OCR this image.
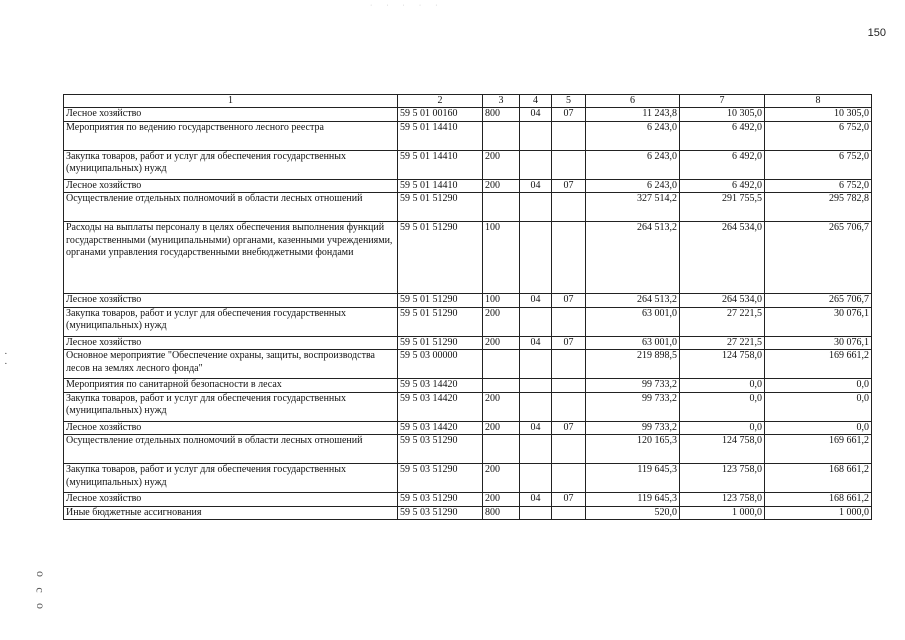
· · · · ·
150
·
·
o
c
o
1	2	3	4	5	6	7	8
Лесное хозяйство	59 5 01 00160	800	04	07	11 243,8	10 305,0	10 305,0
Мероприятия по ведению государственного лесного реестра	59 5 01 14410				6 243,0	6 492,0	6 752,0
Закупка товаров, работ и услуг для обеспечения государственных (муниципальных) нужд	59 5 01 14410	200			6 243,0	6 492,0	6 752,0
Лесное хозяйство	59 5 01 14410	200	04	07	6 243,0	6 492,0	6 752,0
Осуществление отдельных полномочий в области лесных отношений	59 5 01 51290				327 514,2	291 755,5	295 782,8
Расходы на выплаты персоналу в целях обеспечения выполнения функций государственными (муниципальными) органами, казенными учреждениями, органами управления государственными внебюджетными фондами	59 5 01 51290	100			264 513,2	264 534,0	265 706,7
Лесное хозяйство	59 5 01 51290	100	04	07	264 513,2	264 534,0	265 706,7
Закупка товаров, работ и услуг для обеспечения государственных (муниципальных) нужд	59 5 01 51290	200			63 001,0	27 221,5	30 076,1
Лесное хозяйство	59 5 01 51290	200	04	07	63 001,0	27 221,5	30 076,1
Основное мероприятие "Обеспечение охраны, защиты, воспроизводства лесов на землях лесного фонда"	59 5 03 00000				219 898,5	124 758,0	169 661,2
Мероприятия по санитарной безопасности в лесах	59 5 03 14420				99 733,2	0,0	0,0
Закупка товаров, работ и услуг для обеспечения государственных (муниципальных) нужд	59 5 03 14420	200			99 733,2	0,0	0,0
Лесное хозяйство	59 5 03 14420	200	04	07	99 733,2	0,0	0,0
Осуществление отдельных полномочий в области лесных отношений	59 5 03 51290				120 165,3	124 758,0	169 661,2
Закупка товаров, работ и услуг для обеспечения государственных (муниципальных) нужд	59 5 03 51290	200			119 645,3	123 758,0	168 661,2
Лесное хозяйство	59 5 03 51290	200	04	07	119 645,3	123 758,0	168 661,2
Иные бюджетные ассигнования	59 5 03 51290	800			520,0	1 000,0	1 000,0
